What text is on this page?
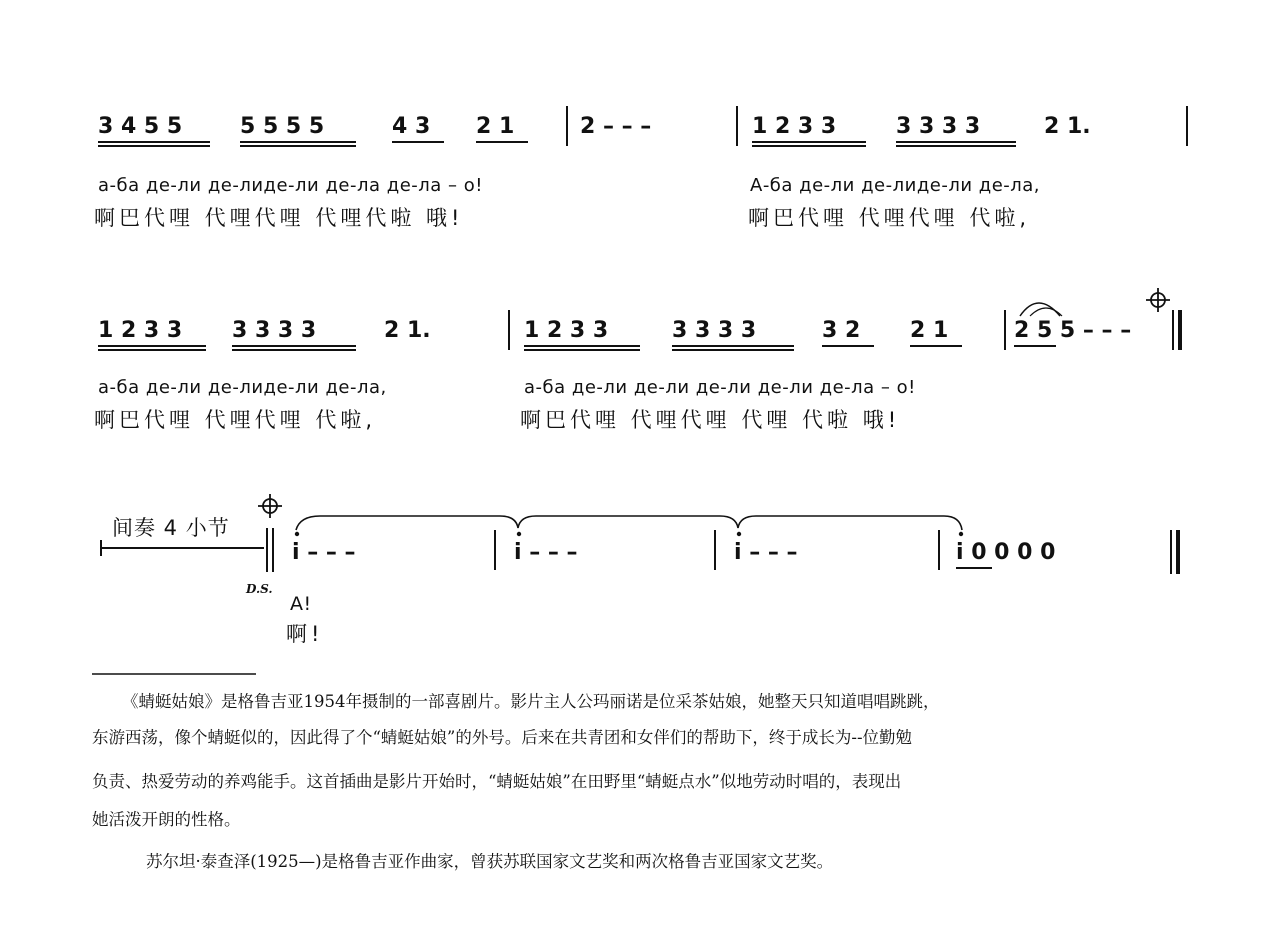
3 4 5 5	5 5 5 5	4 3 2 1	2 – – –	1 2 3 3	3 3 3 3	2 1.
а-ба де-ли де-лиде-ли де-ла де-ла – о!	А-ба де-ли де-лиде-ли де-ла,
啊巴代哩 代哩代哩 代哩代啦 哦!	啊巴代哩 代哩代哩 代啦,
1 2 3 3 3 3 3 3	2 1.	1 2 3 3	3 3 3 3	3 2 2 1	2 5 5 – – –
а-ба де-ли де-лиде-ли де-ла,	а-ба де-ли де-ли де-ли де-ли де-ла – о!
啊巴代哩 代哩代哩 代啦,	啊巴代哩 代哩代哩 代哩 代啦 哦!
间奏 4 小节
i – – –	i – – –	i – – –	i 0 0 0 0
D.S.
А!
啊!
《蜻蜓姑娘》是格鲁吉亚1954年摄制的一部喜剧片。影片主人公玛丽诺是位采茶姑娘，她整天只知道唱唱跳跳，
东游西荡，像个蜻蜓似的，因此得了个“蜻蜓姑娘”的外号。后来在共青团和女伴们的帮助下，终于成长为--位勤勉
负责、热爱劳动的养鸡能手。这首插曲是影片开始时，“蜻蜓姑娘”在田野里“蜻蜓点水”似地劳动时唱的，表现出
她活泼开朗的性格。
苏尔坦·泰查泽(1925—)是格鲁吉亚作曲家，曾获苏联国家文艺奖和两次格鲁吉亚国家文艺奖。
